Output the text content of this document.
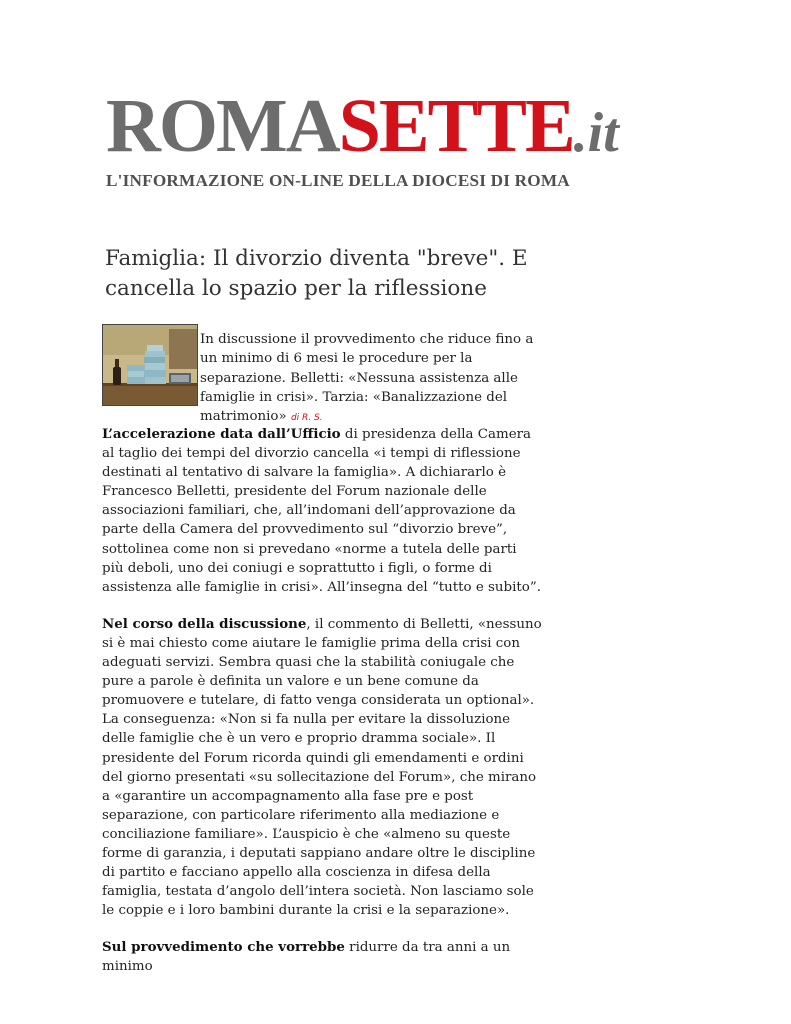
ROMASETTE.it
L'INFORMAZIONE ON-LINE DELLA DIOCESI DI ROMA
Famiglia: Il divorzio diventa "breve". E cancella lo spazio per la riflessione
In discussione il provvedimento che riduce fino a un minimo di 6 mesi le procedure per la separazione. Belletti: «Nessuna assistenza alle famiglie in crisi». Tarzia: «Banalizzazione del matrimonio» di R. S.

L’accelerazione data dall’Ufficio di presidenza della Camera al taglio dei tempi del divorzio cancella «i tempi di riflessione destinati al tentativo di salvare la famiglia». A dichiararlo è Francesco Belletti, presidente del Forum nazionale delle associazioni familiari, che, all’indomani dell’approvazione da parte della Camera del provvedimento sul “divorzio breve”, sottolinea come non si prevedano «norme a tutela delle parti più deboli, uno dei coniugi e soprattutto i figli, o forme di assistenza alle famiglie in crisi». All’insegna del “tutto e subito”.

Nel corso della discussione, il commento di Belletti, «nessuno si è mai chiesto come aiutare le famiglie prima della crisi con adeguati servizi. Sembra quasi che la stabilità coniugale che pure a parole è definita un valore e un bene comune da promuovere e tutelare, di fatto venga considerata un optional». La conseguenza: «Non si fa nulla per evitare la dissoluzione delle famiglie che è un vero e proprio dramma sociale». Il presidente del Forum ricorda quindi gli emendamenti e ordini del giorno presentati «su sollecitazione del Forum», che mirano a «garantire un accompagnamento alla fase pre e post separazione, con particolare riferimento alla mediazione e conciliazione familiare». L’auspicio è che «almeno su queste forme di garanzia, i deputati sappiano andare oltre le discipline di partito e facciano appello alla coscienza in difesa della famiglia, testata d’angolo dell’intera società. Non lasciamo sole le coppie e i loro bambini durante la crisi e la separazione».

Sul provvedimento che vorrebbe ridurre da tra anni a un minimo
